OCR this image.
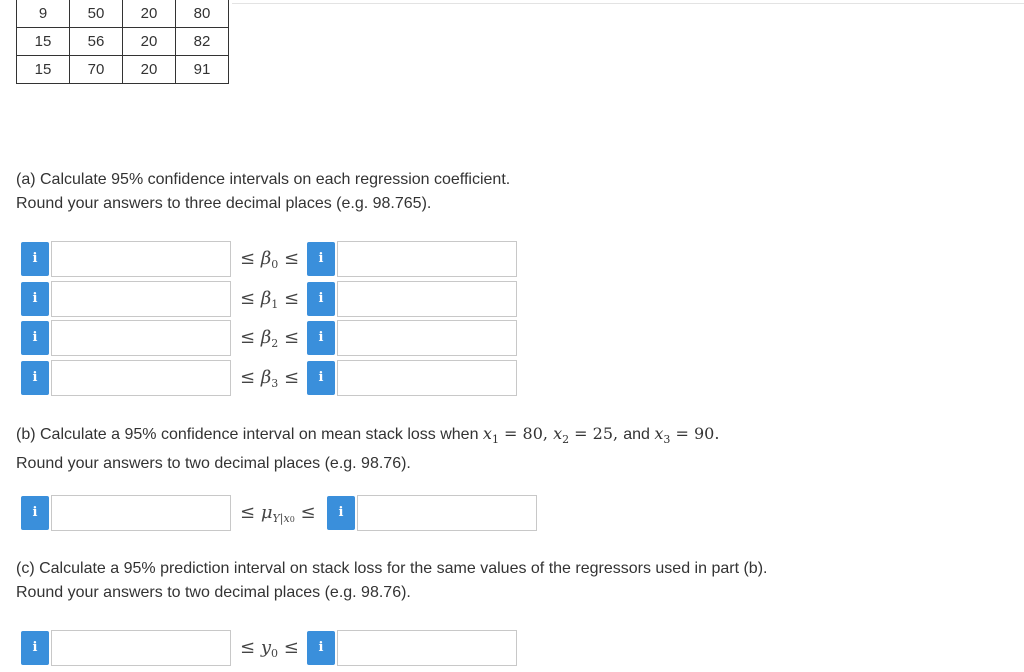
9	50	20	80
15	56	20	82
15	70	20	91
(a) Calculate 95% confidence intervals on each regression coefficient.
Round your answers to three decimal places (e.g. 98.765).
i	≤ $\beta_0$ ≤	i
i	≤ $\beta_1$ ≤	i
i	≤ $\beta_2$ ≤	i
i	≤ $\beta_3$ ≤	i
(b) Calculate a 95% confidence interval on mean stack loss when $x_1 = 80$, $x_2 = 25$, and $x_3 = 90$.
Round your answers to two decimal places (e.g. 98.76).
i	≤ $\mu_{Y|x0}$ ≤	i
(c) Calculate a 95% prediction interval on stack loss for the same values of the regressors used in part (b).
Round your answers to two decimal places (e.g. 98.76).
i	≤ $y_0$ ≤	i
